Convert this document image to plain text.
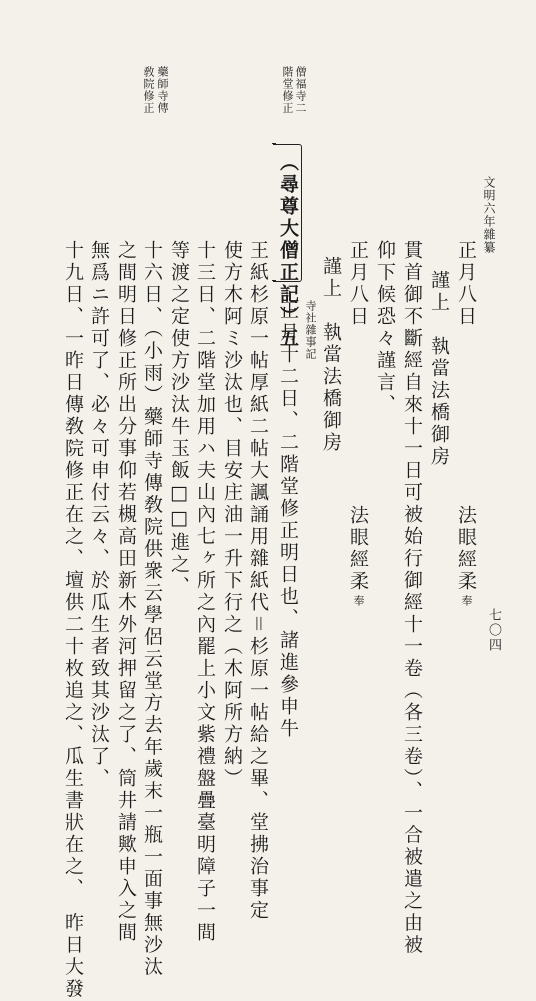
文明六年雜纂
七〇四
僧福寺二
階堂修正
藥師寺傳
敎院修正
正月八日
謹上　執當法橋御房
貫首御不斷經自來十一日可被始行御經十一卷（各三卷）、一合被遣之由被
仰下候恐々謹言、
正月八日
謹上　執當法橋御房
（尋尊大僧正記）五
王紙杉原一帖厚紙二帖大諷誦用雜紙代＝杉原一帖給之畢、堂拂治事定
使方木阿ミ沙汰也、目安庄油一升下行之（木阿所方納）
十三日、二階堂加用ハ夫山內七ヶ所之內罷上小文紫禮盤疊臺明障子一間
等渡之定使方沙汰牛玉飯□□進之、
十六日、（小雨）藥師寺傳敎院供衆云學侶云堂方去年歲末一瓶一面事無沙汰
之間明日修正所出分事仰若槻高田新木外河押留之了、筒井請歟申入之間
無爲ニ許可了、必々可申付云々、於瓜生者致其沙汰了、
十九日、一昨日傳敎院修正在之、壇供二十枚追之、瓜生書狀在之、　昨日大發	寺社雜事記
正月十二日、二階堂修正明日也、諸進參申牛	法眼經柔
奉
法眼經柔
奉
